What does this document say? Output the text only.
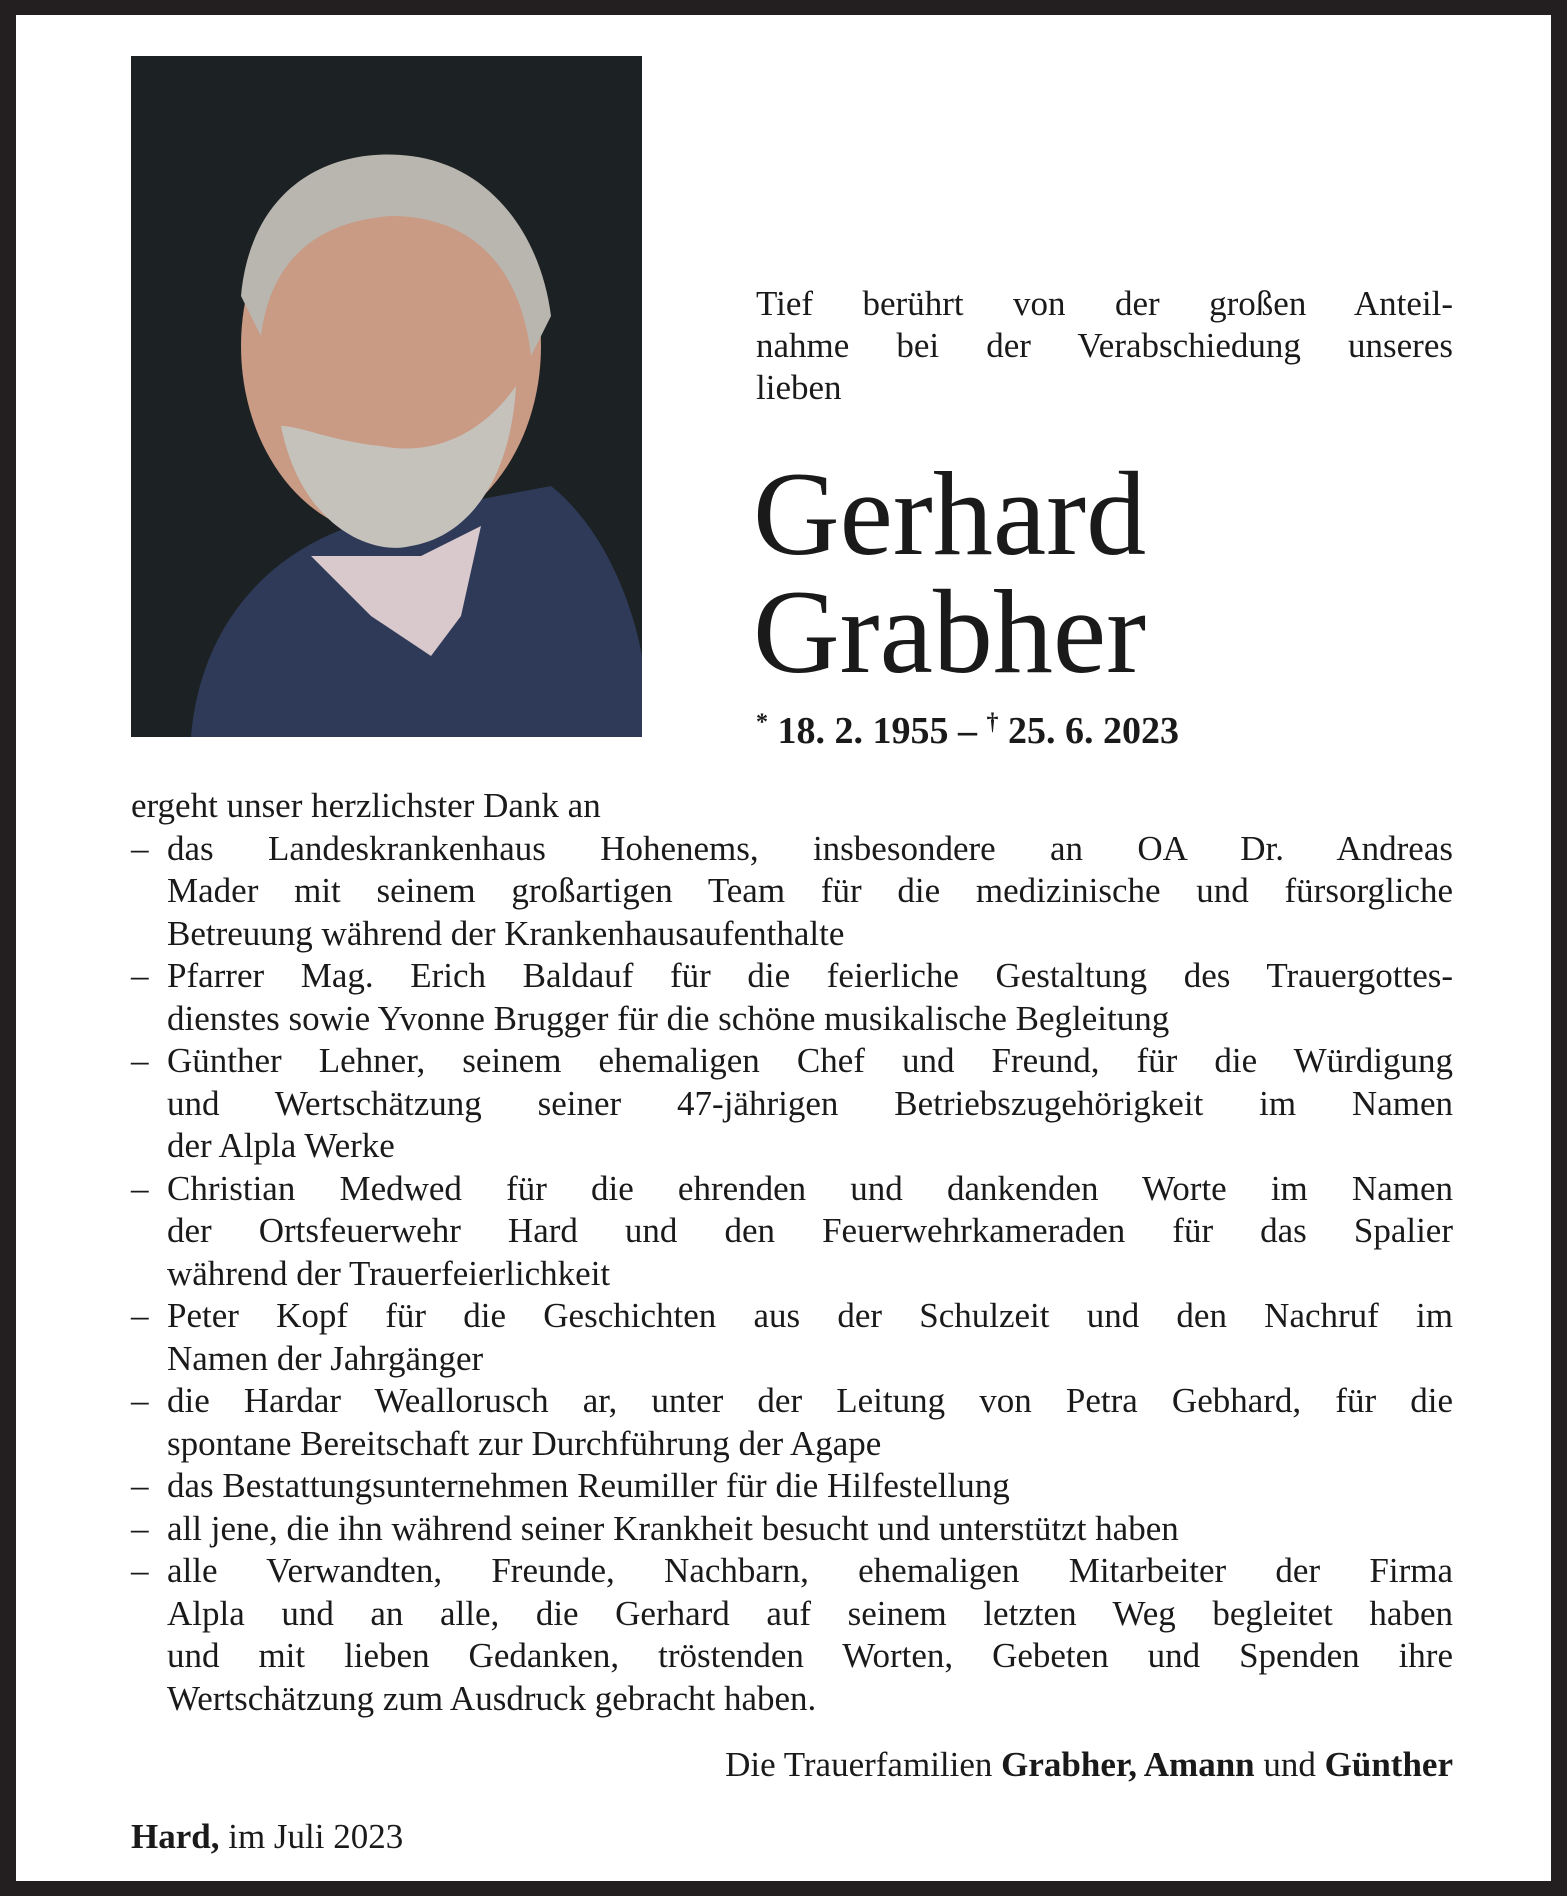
Tief berührt von der großen Anteil-
nahme bei der Verabschiedung unseres
lieben
Gerhard
Grabher
* 18. 2. 1955 – † 25. 6. 2023
ergeht unser herzlichster Dank an
– das Landeskrankenhaus Hohenems, insbesondere an OA Dr. Andreas
Mader mit seinem großartigen Team für die medizinische und fürsorgliche
Betreuung während der Krankenhausaufenthalte
– Pfarrer Mag. Erich Baldauf für die feierliche Gestaltung des Trauergottes-
dienstes sowie Yvonne Brugger für die schöne musikalische Begleitung
– Günther Lehner, seinem ehemaligen Chef und Freund, für die Würdigung
und Wertschätzung seiner 47-jährigen Betriebszugehörigkeit im Namen
der Alpla Werke
– Christian Medwed für die ehrenden und dankenden Worte im Namen
der Ortsfeuerwehr Hard und den Feuerwehrkameraden für das Spalier
während der Trauerfeierlichkeit
– Peter Kopf für die Geschichten aus der Schulzeit und den Nachruf im
Namen der Jahrgänger
– die Hardar Weallorusch ar, unter der Leitung von Petra Gebhard, für die
spontane Bereitschaft zur Durchführung der Agape
– das Bestattungsunternehmen Reumiller für die Hilfestellung
– all jene, die ihn während seiner Krankheit besucht und unterstützt haben
– alle Verwandten, Freunde, Nachbarn, ehemaligen Mitarbeiter der Firma
Alpla und an alle, die Gerhard auf seinem letzten Weg begleitet haben
und mit lieben Gedanken, tröstenden Worten, Gebeten und Spenden ihre
Wertschätzung zum Ausdruck gebracht haben.
Die Trauerfamilien Grabher, Amann und Günther
Hard, im Juli 2023
